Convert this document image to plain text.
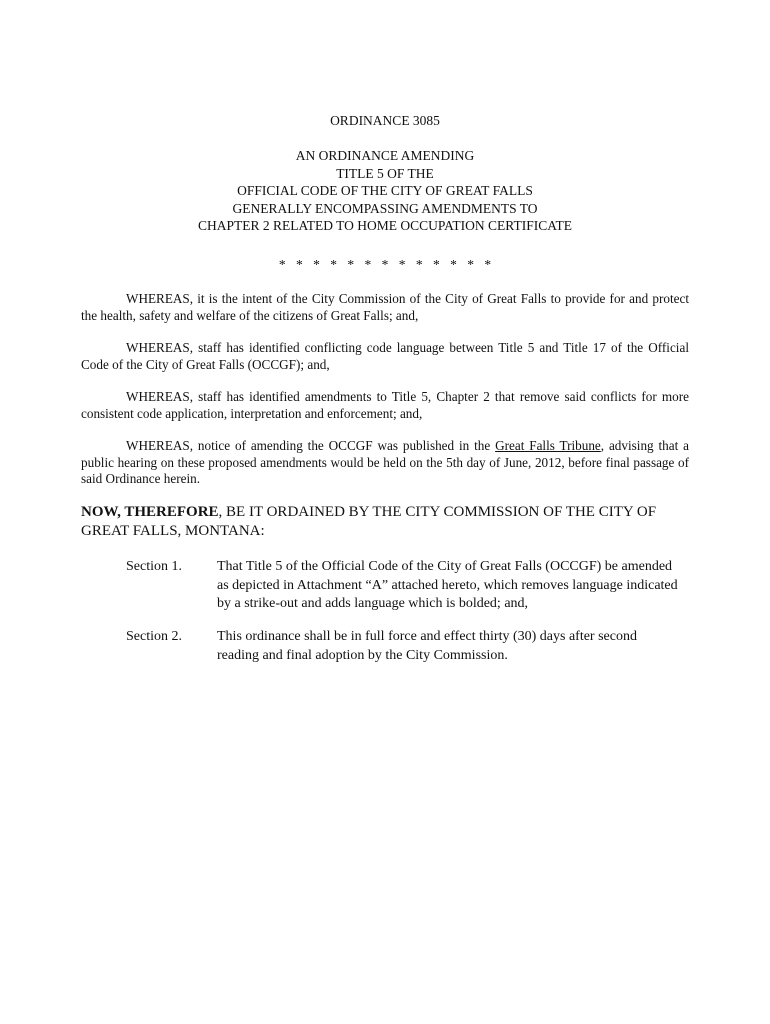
ORDINANCE 3085

AN ORDINANCE AMENDING
TITLE 5 OF THE
OFFICIAL CODE OF THE CITY OF GREAT FALLS
GENERALLY ENCOMPASSING AMENDMENTS TO
CHAPTER 2 RELATED TO HOME OCCUPATION CERTIFICATE

* * * * * * * * * * * * *

WHEREAS, it is the intent of the City Commission of the City of Great Falls to provide for and protect the health, safety and welfare of the citizens of Great Falls; and,

WHEREAS, staff has identified conflicting code language between Title 5 and Title 17 of the Official Code of the City of Great Falls (OCCGF); and,

WHEREAS, staff has identified amendments to Title 5, Chapter 2 that remove said conflicts for more consistent code application, interpretation and enforcement; and,

WHEREAS, notice of amending the OCCGF was published in the Great Falls Tribune, advising that a public hearing on these proposed amendments would be held on the 5th day of June, 2012, before final passage of said Ordinance herein.

NOW, THEREFORE, BE IT ORDAINED BY THE CITY COMMISSION OF THE CITY OF GREAT FALLS, MONTANA:

Section 1.	That Title 5 of the Official Code of the City of Great Falls (OCCGF) be amended as depicted in Attachment “A” attached hereto, which removes language indicated by a strike-out and adds language which is bolded; and,
Section 2.	This ordinance shall be in full force and effect thirty (30) days after second reading and final adoption by the City Commission.
